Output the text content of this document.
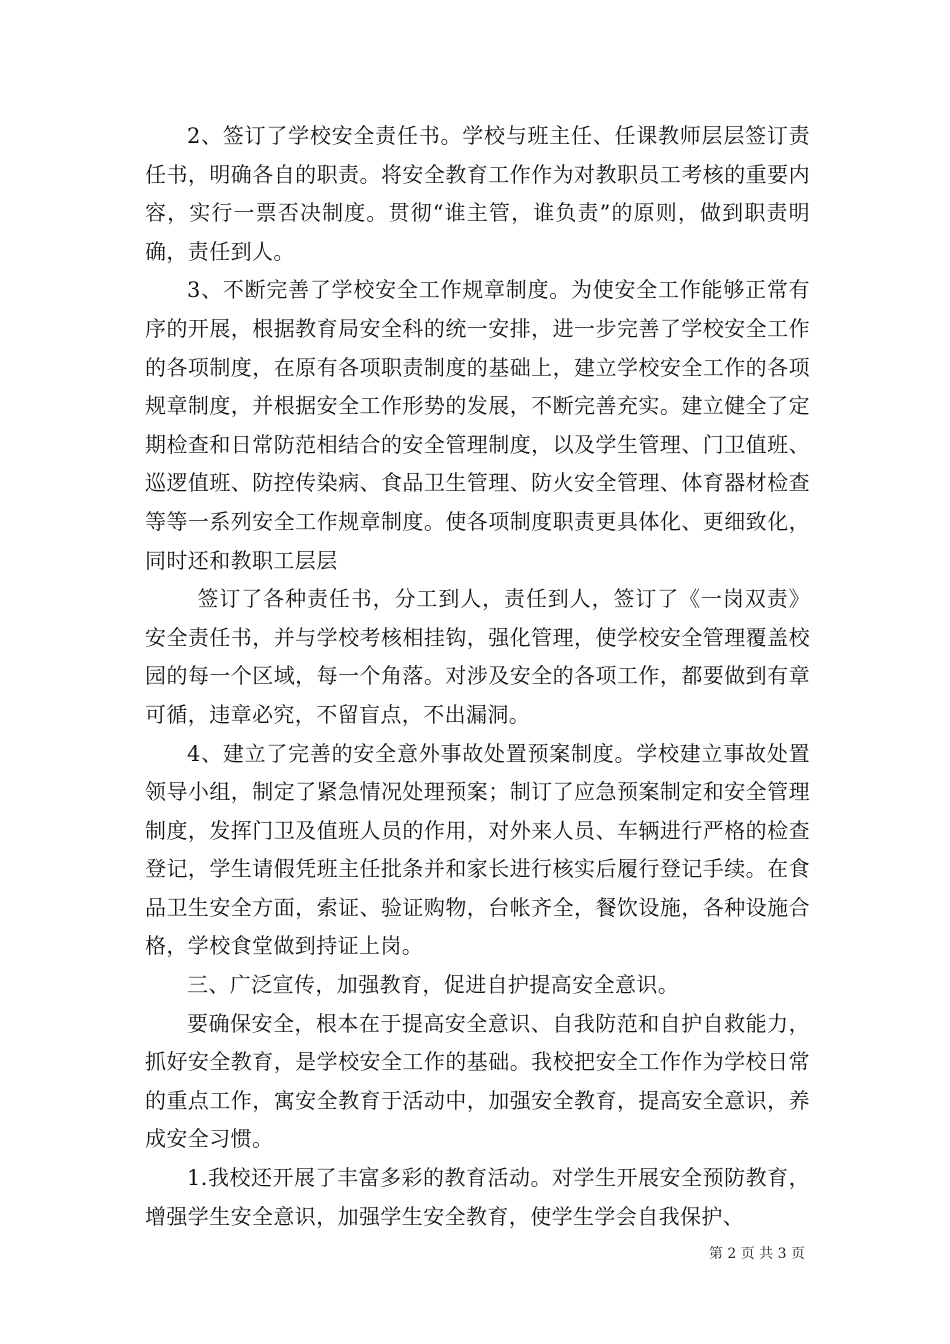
2、签订了学校安全责任书。学校与班主任、任课教师层层签订责任书，明确各自的职责。将安全教育工作作为对教职员工考核的重要内容，实行一票否决制度。贯彻“谁主管，谁负责”的原则，做到职责明确，责任到人。

3、不断完善了学校安全工作规章制度。为使安全工作能够正常有序的开展，根据教育局安全科的统一安排，进一步完善了学校安全工作的各项制度，在原有各项职责制度的基础上，建立学校安全工作的各项规章制度，并根据安全工作形势的发展，不断完善充实。建立健全了定期检查和日常防范相结合的安全管理制度，以及学生管理、门卫值班、巡逻值班、防控传染病、食品卫生管理、防火安全管理、体育器材检查等等一系列安全工作规章制度。使各项制度职责更具体化、更细致化，同时还和教职工层层

签订了各种责任书，分工到人，责任到人，签订了《一岗双责》安全责任书，并与学校考核相挂钩，强化管理，使学校安全管理覆盖校园的每一个区域，每一个角落。对涉及安全的各项工作，都要做到有章可循，违章必究，不留盲点，不出漏洞。

4、建立了完善的安全意外事故处置预案制度。学校建立事故处置领导小组，制定了紧急情况处理预案；制订了应急预案制定和安全管理制度，发挥门卫及值班人员的作用，对外来人员、车辆进行严格的检查登记，学生请假凭班主任批条并和家长进行核实后履行登记手续。在食品卫生安全方面，索证、验证购物，台帐齐全，餐饮设施，各种设施合格，学校食堂做到持证上岗。

三、广泛宣传，加强教育，促进自护提高安全意识。

要确保安全，根本在于提高安全意识、自我防范和自护自救能力，抓好安全教育，是学校安全工作的基础。我校把安全工作作为学校日常的重点工作，寓安全教育于活动中，加强安全教育，提高安全意识，养成安全习惯。

1.我校还开展了丰富多彩的教育活动。对学生开展安全预防教育，增强学生安全意识，加强学生安全教育，使学生学会自我保护、

第 2 页 共 3 页
